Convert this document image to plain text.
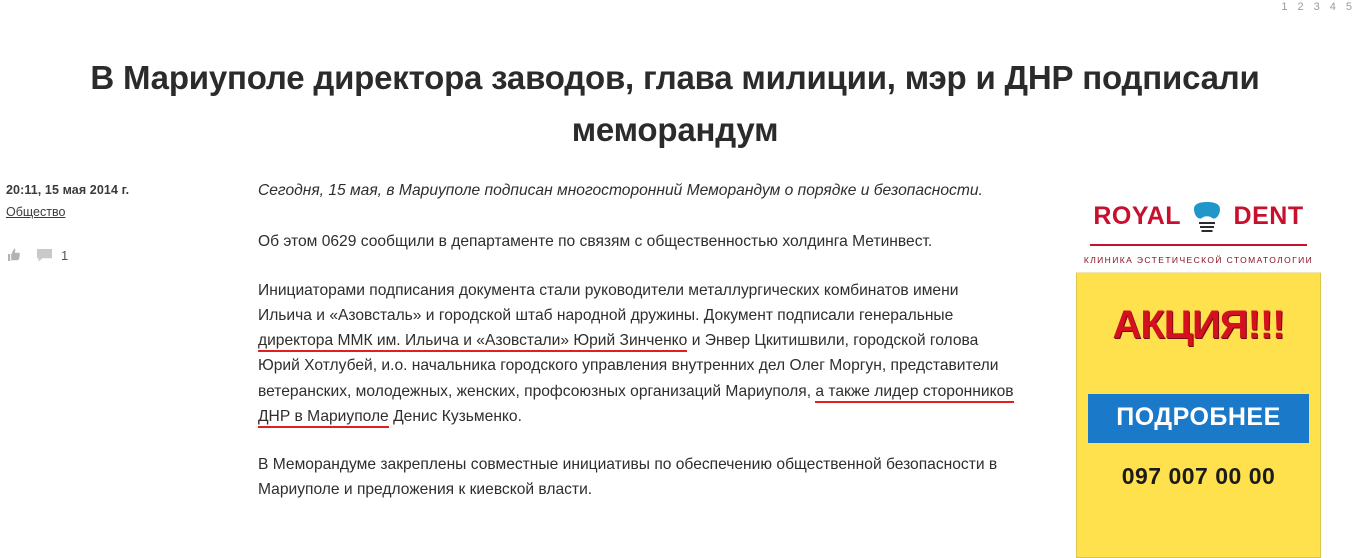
1 2 3 4 5
В Мариуполе директора заводов, глава милиции, мэр и ДНР подписали меморандум
20:11, 15 мая 2014 г.
Общество
1

Сегодня, 15 мая, в Мариуполе подписан многосторонний Меморандум о порядке и безопасности.

Об этом 0629 сообщили в департаменте по связям с общественностью холдинга Метинвест.

Инициаторами подписания документа стали руководители металлургических комбинатов имени Ильича и «Азовсталь» и городской штаб народной дружины. Документ подписали генеральные директора ММК им. Ильича и «Азовстали» Юрий Зинченко и Энвер Цкитишвили, городской голова Юрий Хотлубей, и.о. начальника городского управления внутренних дел Олег Моргун, представители ветеранских, молодежных, женских, профсоюзных организаций Мариуполя, а также лидер сторонников ДНР в Мариуполе Денис Кузьменко.

В Меморандуме закреплены совместные инициативы по обеспечению общественной безопасности в Мариуполе и предложения к киевской власти.

ROYAL DENT
КЛИНИКА ЭСТЕТИЧЕСКОЙ СТОМАТОЛОГИИ
АКЦИЯ!!!
ПОДРОБНЕЕ
097 007 00 00
